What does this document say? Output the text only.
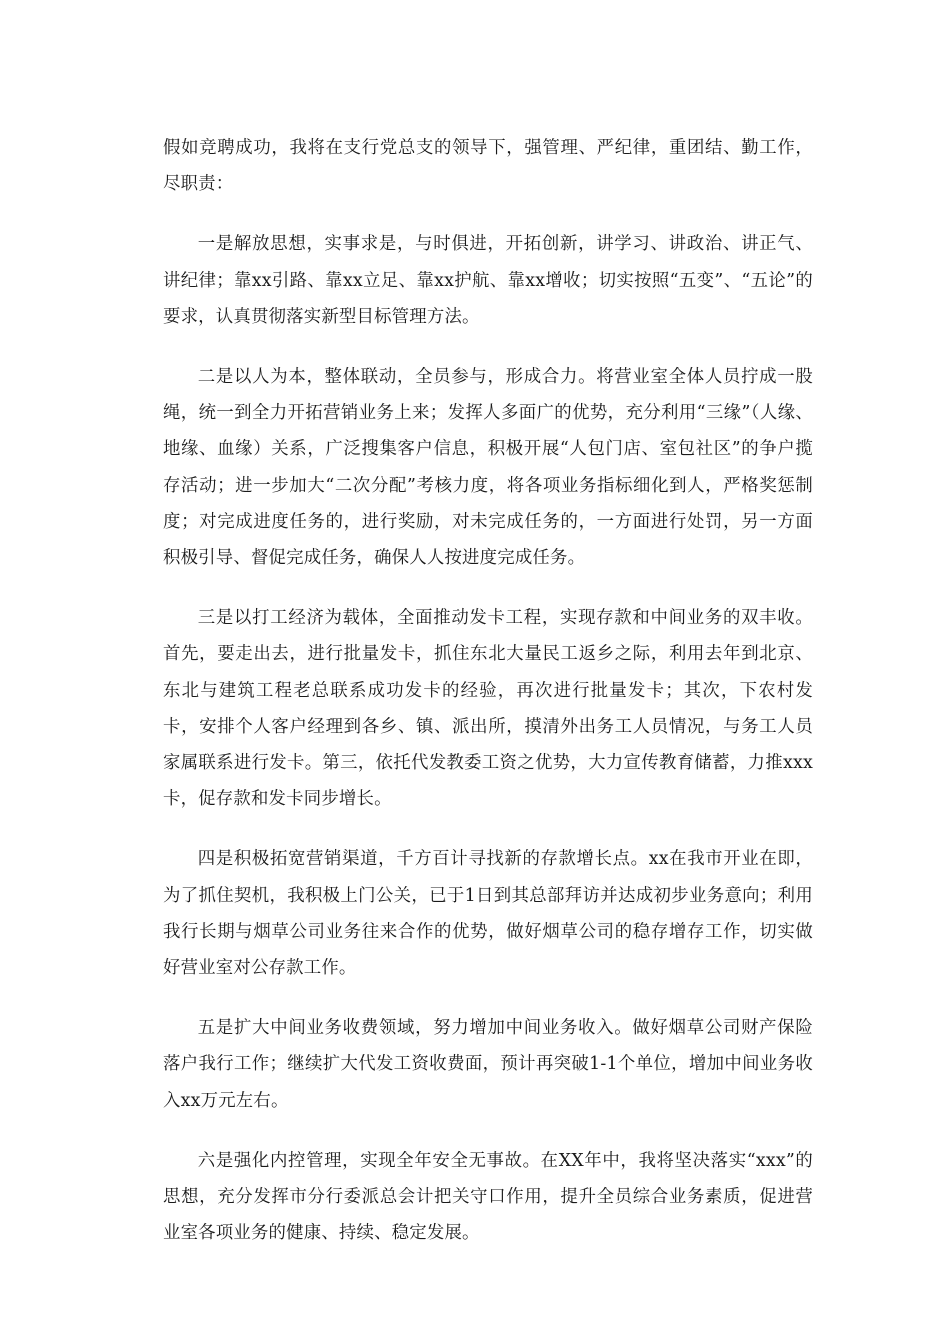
假如竞聘成功，我将在支行党总支的领导下，强管理、严纪律，重团结、勤工作，尽职责：

一是解放思想，实事求是，与时俱进，开拓创新，讲学习、讲政治、讲正气、讲纪律；靠xx引路、靠xx立足、靠xx护航、靠xx增收；切实按照“五变”、“五论”的要求，认真贯彻落实新型目标管理方法。

二是以人为本，整体联动，全员参与，形成合力。将营业室全体人员拧成一股绳，统一到全力开拓营销业务上来；发挥人多面广的优势，充分利用“三缘”（人缘、地缘、血缘）关系，广泛搜集客户信息，积极开展“人包门店、室包社区”的争户揽存活动；进一步加大“二次分配”考核力度，将各项业务指标细化到人，严格奖惩制度；对完成进度任务的，进行奖励，对未完成任务的，一方面进行处罚，另一方面积极引导、督促完成任务，确保人人按进度完成任务。

三是以打工经济为载体，全面推动发卡工程，实现存款和中间业务的双丰收。首先，要走出去，进行批量发卡，抓住东北大量民工返乡之际，利用去年到北京、东北与建筑工程老总联系成功发卡的经验，再次进行批量发卡；其次，下农村发卡，安排个人客户经理到各乡、镇、派出所，摸清外出务工人员情况，与务工人员家属联系进行发卡。第三，依托代发教委工资之优势，大力宣传教育储蓄，力推xxx卡，促存款和发卡同步增长。

四是积极拓宽营销渠道，千方百计寻找新的存款增长点。xx在我市开业在即，为了抓住契机，我积极上门公关，已于1日到其总部拜访并达成初步业务意向；利用我行长期与烟草公司业务往来合作的优势，做好烟草公司的稳存增存工作，切实做好营业室对公存款工作。

五是扩大中间业务收费领域，努力增加中间业务收入。做好烟草公司财产保险落户我行工作；继续扩大代发工资收费面，预计再突破1-1个单位，增加中间业务收入xx万元左右。

六是强化内控管理，实现全年安全无事故。在XX年中，我将坚决落实“xxx”的思想，充分发挥市分行委派总会计把关守口作用，提升全员综合业务素质，促进营业室各项业务的健康、持续、稳定发展。
